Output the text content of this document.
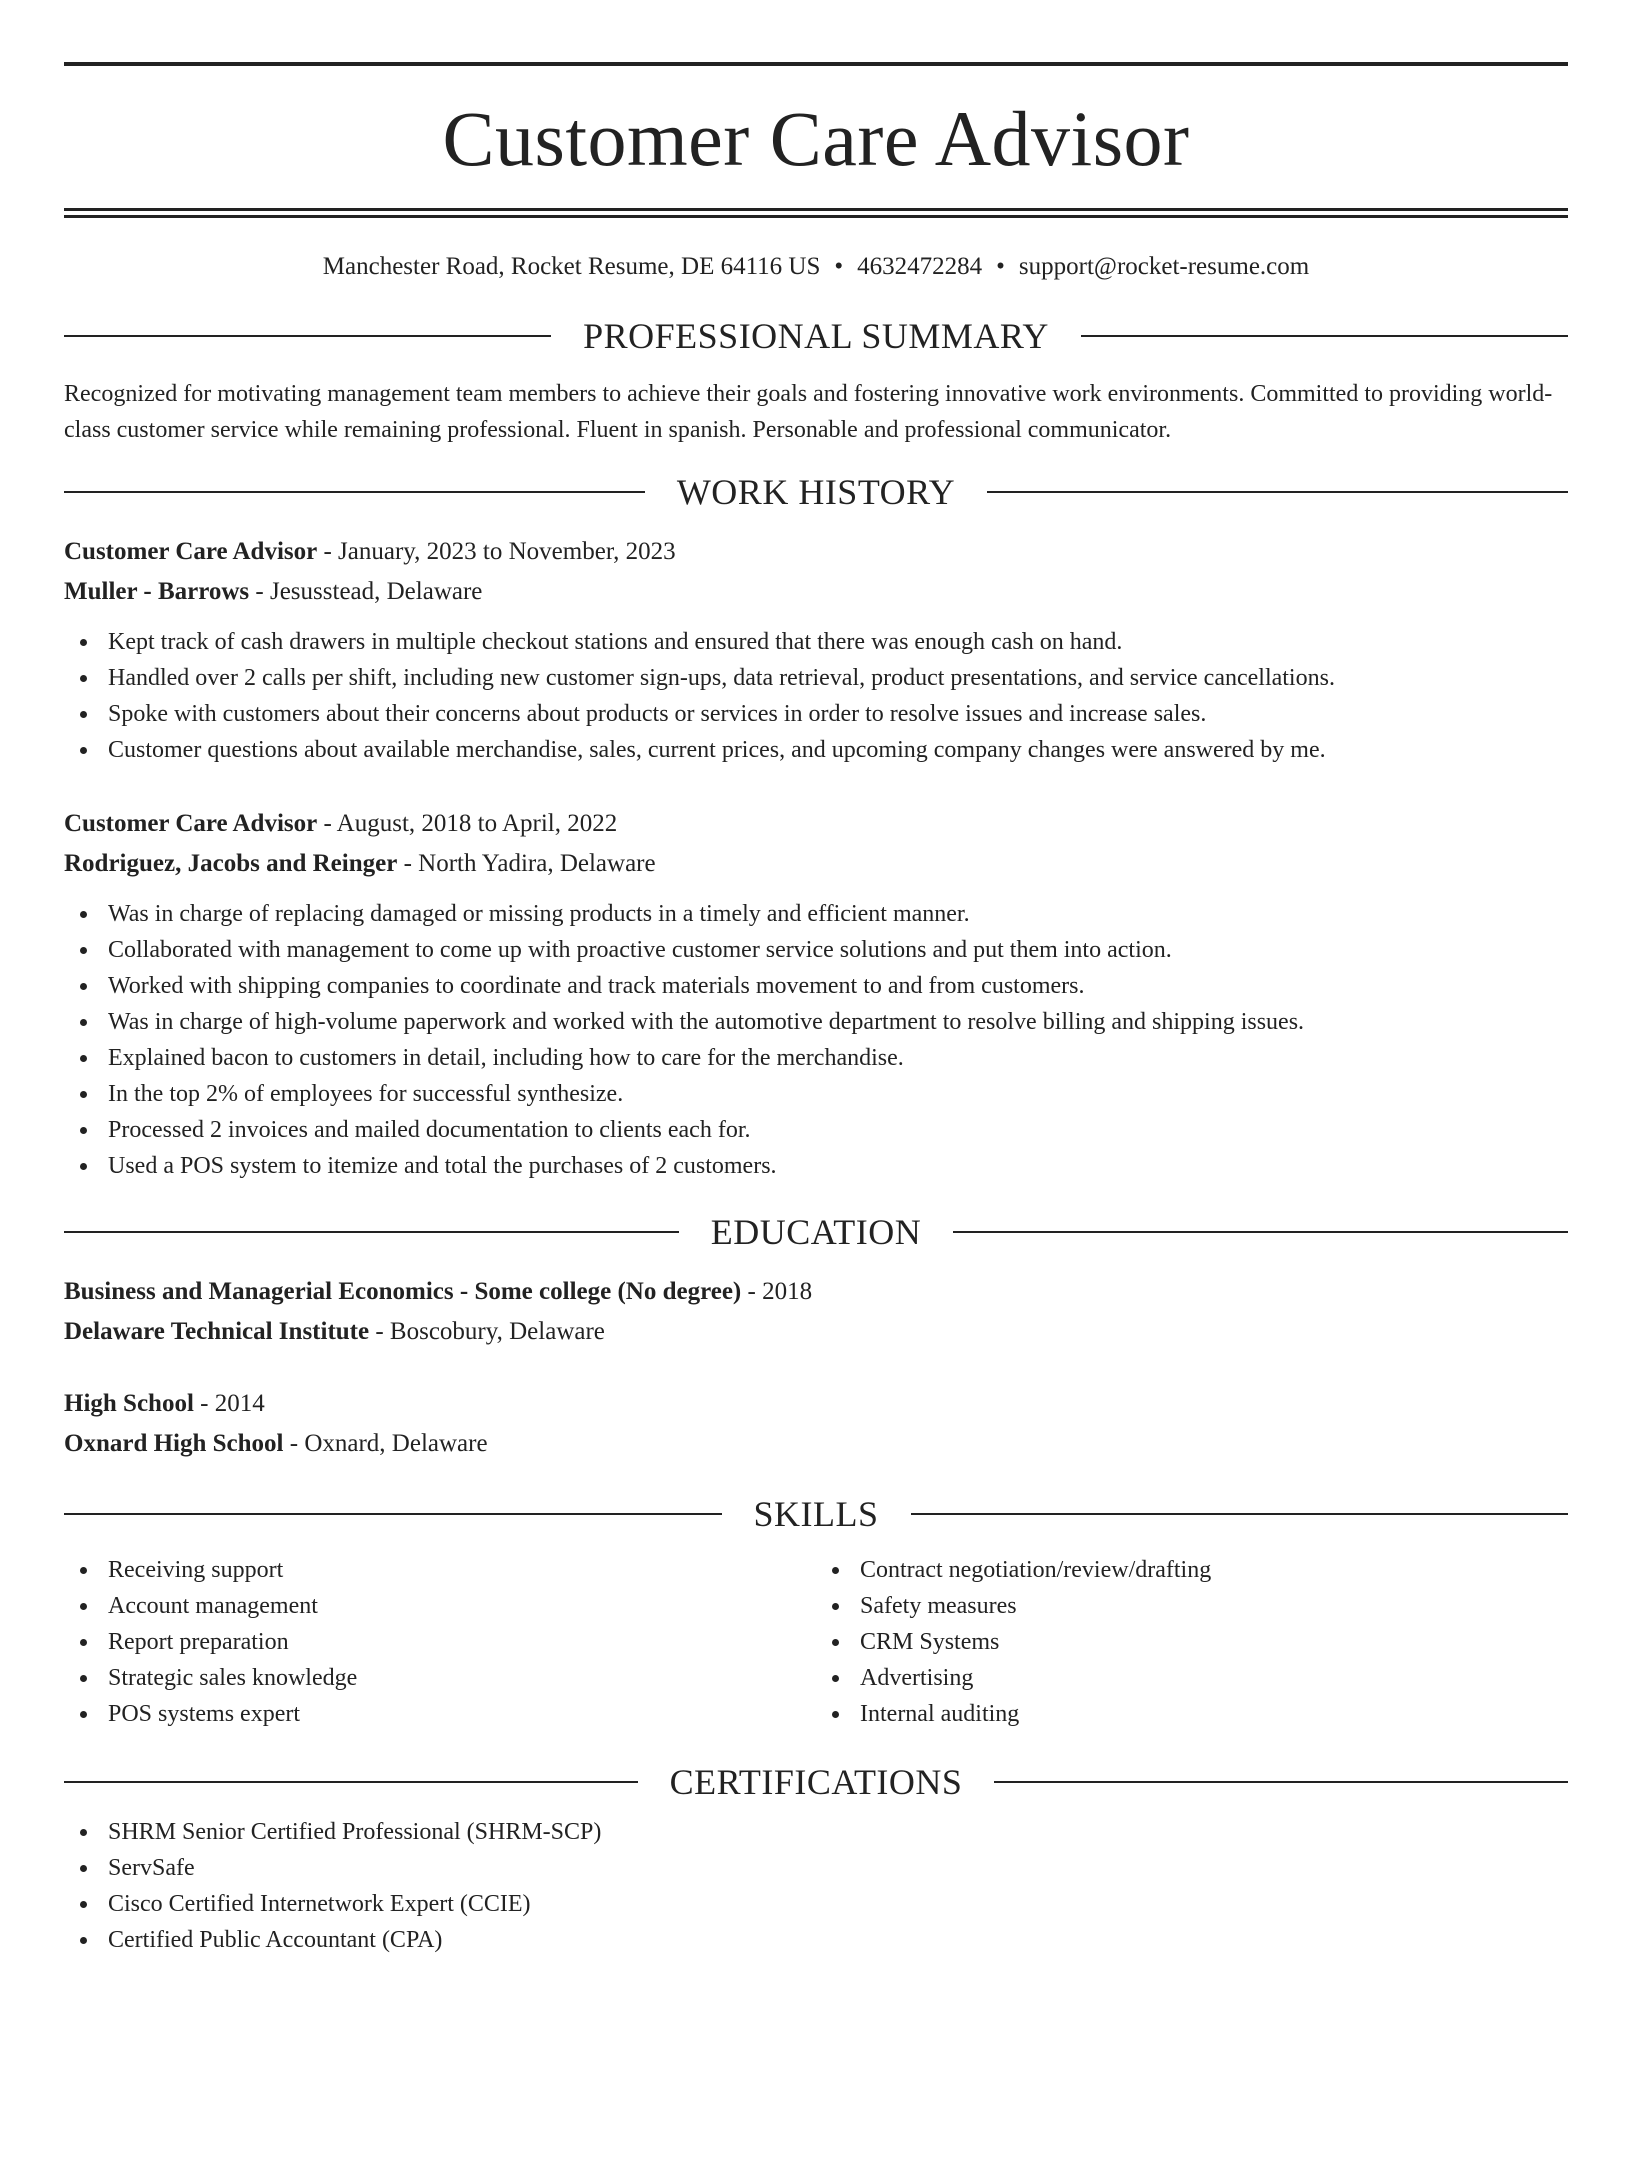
Customer Care Advisor
Manchester Road, Rocket Resume, DE 64116 US • 4632472284 • support@rocket-resume.com
PROFESSIONAL SUMMARY
Recognized for motivating management team members to achieve their goals and fostering innovative work environments. Committed to providing world-class customer service while remaining professional. Fluent in spanish. Personable and professional communicator.
WORK HISTORY
Customer Care Advisor - January, 2023 to November, 2023
Muller - Barrows - Jesusstead, Delaware
Kept track of cash drawers in multiple checkout stations and ensured that there was enough cash on hand.
Handled over 2 calls per shift, including new customer sign-ups, data retrieval, product presentations, and service cancellations.
Spoke with customers about their concerns about products or services in order to resolve issues and increase sales.
Customer questions about available merchandise, sales, current prices, and upcoming company changes were answered by me.
Customer Care Advisor - August, 2018 to April, 2022
Rodriguez, Jacobs and Reinger - North Yadira, Delaware
Was in charge of replacing damaged or missing products in a timely and efficient manner.
Collaborated with management to come up with proactive customer service solutions and put them into action.
Worked with shipping companies to coordinate and track materials movement to and from customers.
Was in charge of high-volume paperwork and worked with the automotive department to resolve billing and shipping issues.
Explained bacon to customers in detail, including how to care for the merchandise.
In the top 2% of employees for successful synthesize.
Processed 2 invoices and mailed documentation to clients each for.
Used a POS system to itemize and total the purchases of 2 customers.
EDUCATION
Business and Managerial Economics - Some college (No degree) - 2018
Delaware Technical Institute - Boscobury, Delaware
High School - 2014
Oxnard High School - Oxnard, Delaware
SKILLS
Receiving support
Account management
Report preparation
Strategic sales knowledge
POS systems expert
Contract negotiation/review/drafting
Safety measures
CRM Systems
Advertising
Internal auditing
CERTIFICATIONS
SHRM Senior Certified Professional (SHRM-SCP)
ServSafe
Cisco Certified Internetwork Expert (CCIE)
Certified Public Accountant (CPA)
